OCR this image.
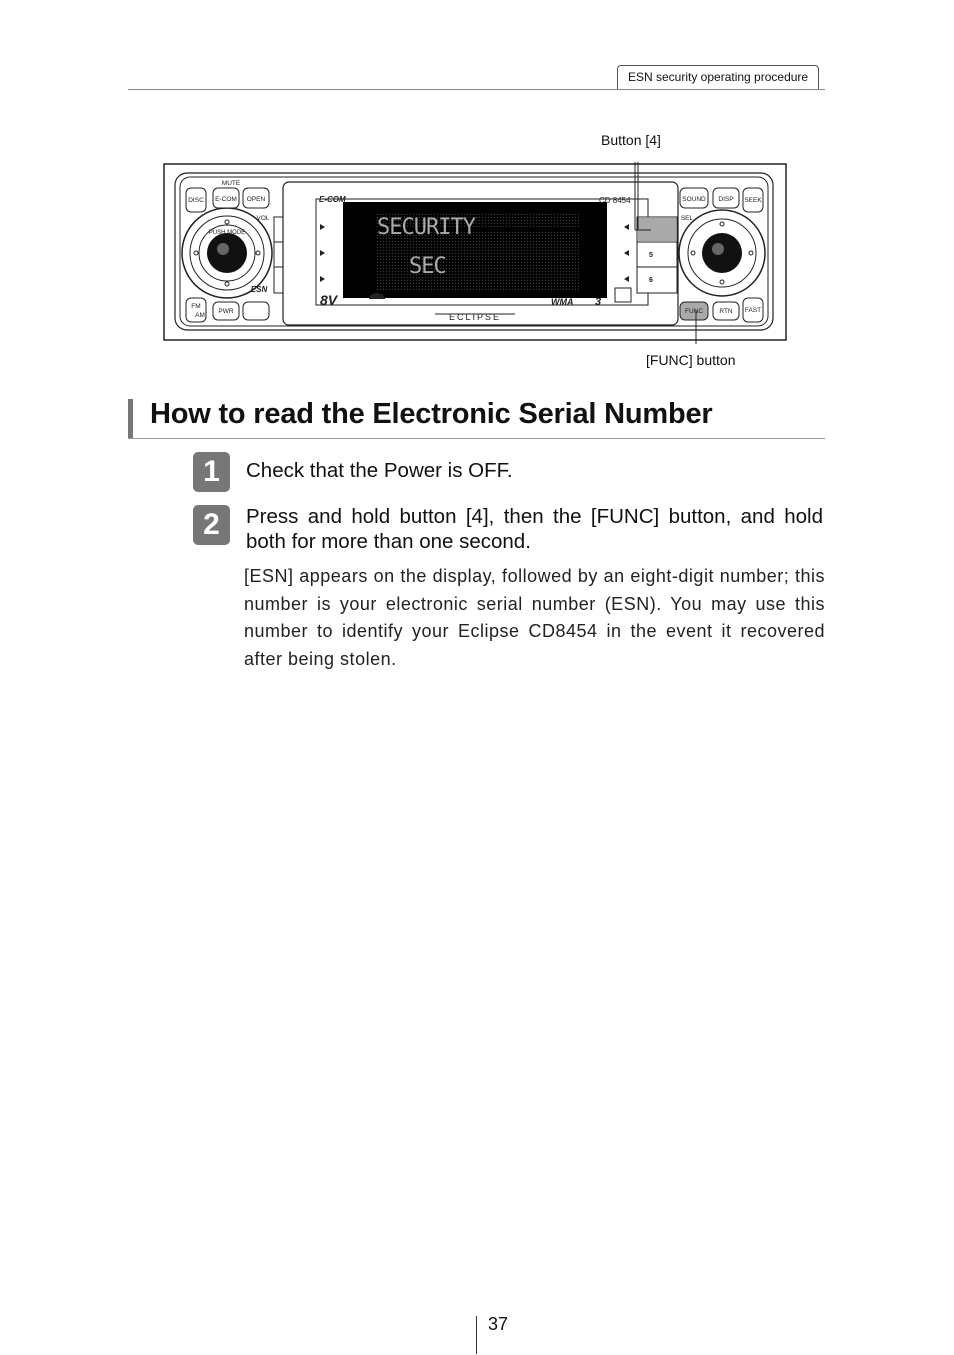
ESN security operating procedure
Button [4]
[FUNC] button
PUSH MODE
DISC E-COM OPEN
MUTE
VOL
ESN
FM
AM
PWR
SECURITY
SEC
E-COM	CD 8454
8V	WMA 3
ECLIPSE
5
6
SOUND DISP SEEK
SEL
FUNC	RTN FAST
How to read the Electronic Serial Number
1	Check that the Power is OFF.
2	Press and hold button [4], then the [FUNC] button, and hold both for more than one second.
[ESN] appears on the display, followed by an eight-digit number; this number is your electronic serial number (ESN). You may use this number to identify your Eclipse CD8454 in the event it recovered after being stolen.
37
